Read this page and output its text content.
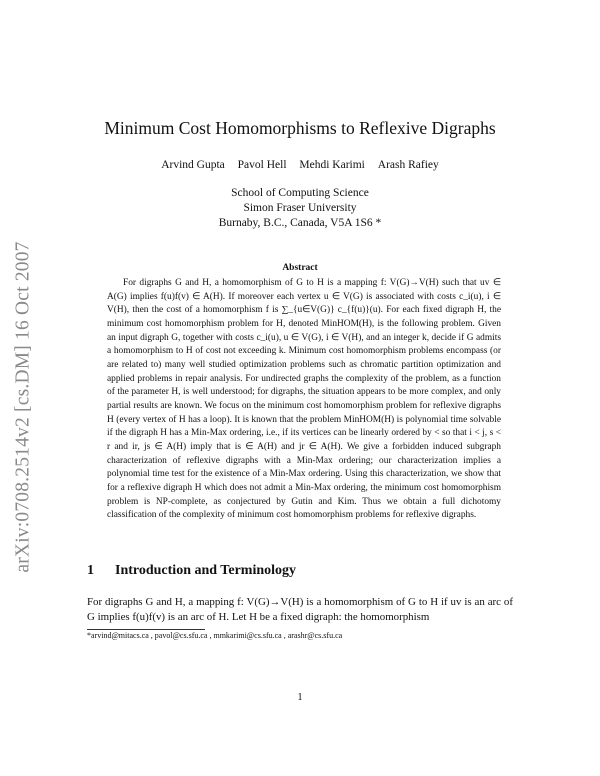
arXiv:0708.2514v2 [cs.DM] 16 Oct 2007
Minimum Cost Homomorphisms to Reflexive Digraphs
Arvind Gupta Pavol Hell Mehdi Karimi Arash Rafiey
School of Computing Science
Simon Fraser University
Burnaby, B.C., Canada, V5A 1S6 *
Abstract

For digraphs G and H, a homomorphism of G to H is a mapping f: V(G)→V(H) such that uv ∈ A(G) implies f(u)f(v) ∈ A(H). If moreover each vertex u ∈ V(G) is associated with costs c_i(u), i ∈ V(H), then the cost of a homomorphism f is ∑_{u∈V(G)} c_{f(u)}(u). For each fixed digraph H, the minimum cost homomorphism problem for H, denoted MinHOM(H), is the following problem. Given an input digraph G, together with costs c_i(u), u ∈ V(G), i ∈ V(H), and an integer k, decide if G admits a homomorphism to H of cost not exceeding k. Minimum cost homomorphism problems encompass (or are related to) many well studied optimization problems such as chromatic partition optimization and applied problems in repair analysis. For undirected graphs the complexity of the problem, as a function of the parameter H, is well understood; for digraphs, the situation appears to be more complex, and only partial results are known. We focus on the minimum cost homomorphism problem for reflexive digraphs H (every vertex of H has a loop). It is known that the problem MinHOM(H) is polynomial time solvable if the digraph H has a Min-Max ordering, i.e., if its vertices can be linearly ordered by < so that i < j, s < r and ir, js ∈ A(H) imply that is ∈ A(H) and jr ∈ A(H). We give a forbidden induced subgraph characterization of reflexive digraphs with a Min-Max ordering; our characterization implies a polynomial time test for the existence of a Min-Max ordering. Using this characterization, we show that for a reflexive digraph H which does not admit a Min-Max ordering, the minimum cost homomorphism problem is NP-complete, as conjectured by Gutin and Kim. Thus we obtain a full dichotomy classification of the complexity of minimum cost homomorphism problems for reflexive digraphs.

1 Introduction and Terminology

For digraphs G and H, a mapping f: V(G)→V(H) is a homomorphism of G to H if uv is an arc of G implies f(u)f(v) is an arc of H. Let H be a fixed digraph: the homomorphism

*arvind@mitacs.ca , pavol@cs.sfu.ca , mmkarimi@cs.sfu.ca , arashr@cs.sfu.ca
1
